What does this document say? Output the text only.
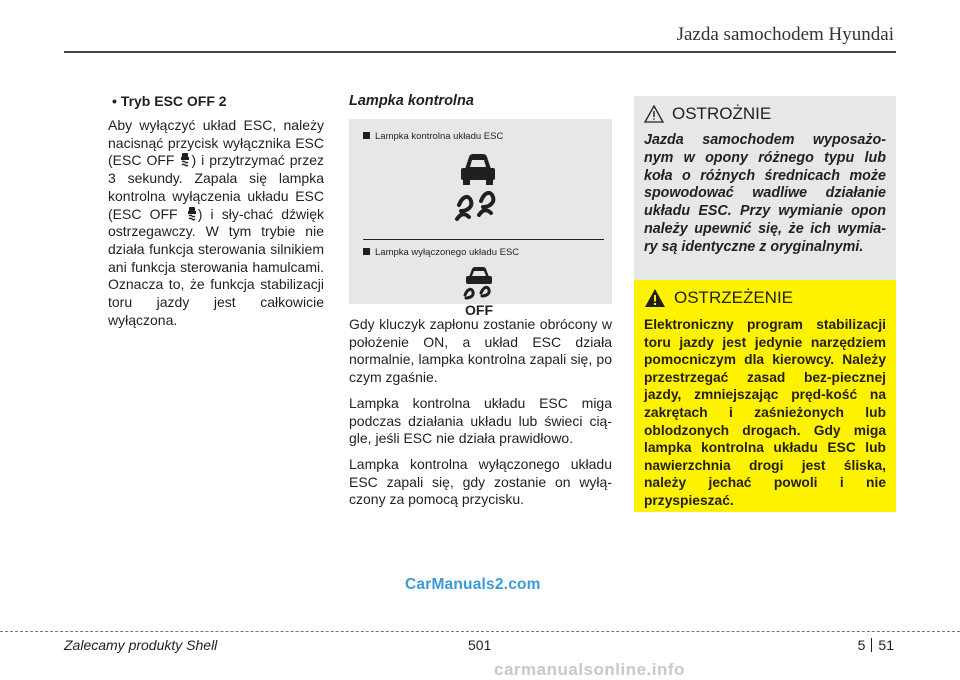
Jazda samochodem Hyundai
• Tryb ESC OFF 2

Aby wyłączyć układ ESC, należy nacisnąć przycisk wyłącznika ESC (ESC OFF ) i przytrzymać przez 3 sekundy. Zapala się lampka kontrolna wyłączenia układu ESC (ESC OFF ) i sły-chać dźwięk ostrzegawczy. W tym trybie nie działa funkcja sterowania silnikiem ani funkcja sterowania hamulcami. Oznacza to, że funkcja stabilizacji toru jazdy jest całkowicie wyłączona.

Lampka kontrolna
Lampka kontrolna układu ESC
Lampka wyłączonego układu ESC
OFF

Gdy kluczyk zapłonu zostanie obrócony w położenie ON, a układ ESC działa normalnie, lampka kontrolna zapali się, po czym zgaśnie.

Lampka kontrolna układu ESC miga podczas działania układu lub świeci cią-gle, jeśli ESC nie działa prawidłowo.

Lampka kontrolna wyłączonego układu ESC zapali się, gdy zostanie on wyłą-czony za pomocą przycisku.

OSTROŻNIE
Jazda samochodem wyposażo-nym w opony różnego typu lub koła o różnych średnicach może spowodować wadliwe działanie układu ESC. Przy wymianie opon należy upewnić się, że ich wymia-ry są identyczne z oryginalnymi.
OSTRZEŻENIE
Elektroniczny program stabilizacji toru jazdy jest jedynie narzędziem pomocniczym dla kierowcy. Należy przestrzegać zasad bez-piecznej jazdy, zmniejszając pręd-kość na zakrętach i zaśnieżonych lub oblodzonych drogach. Gdy miga lampka kontrolna układu ESC lub nawierzchnia drogi jest śliska, należy jechać powoli i nie przyspieszać.
CarManuals2.com
Zalecamy produkty Shell	501	5 51
carmanualsonline.info
